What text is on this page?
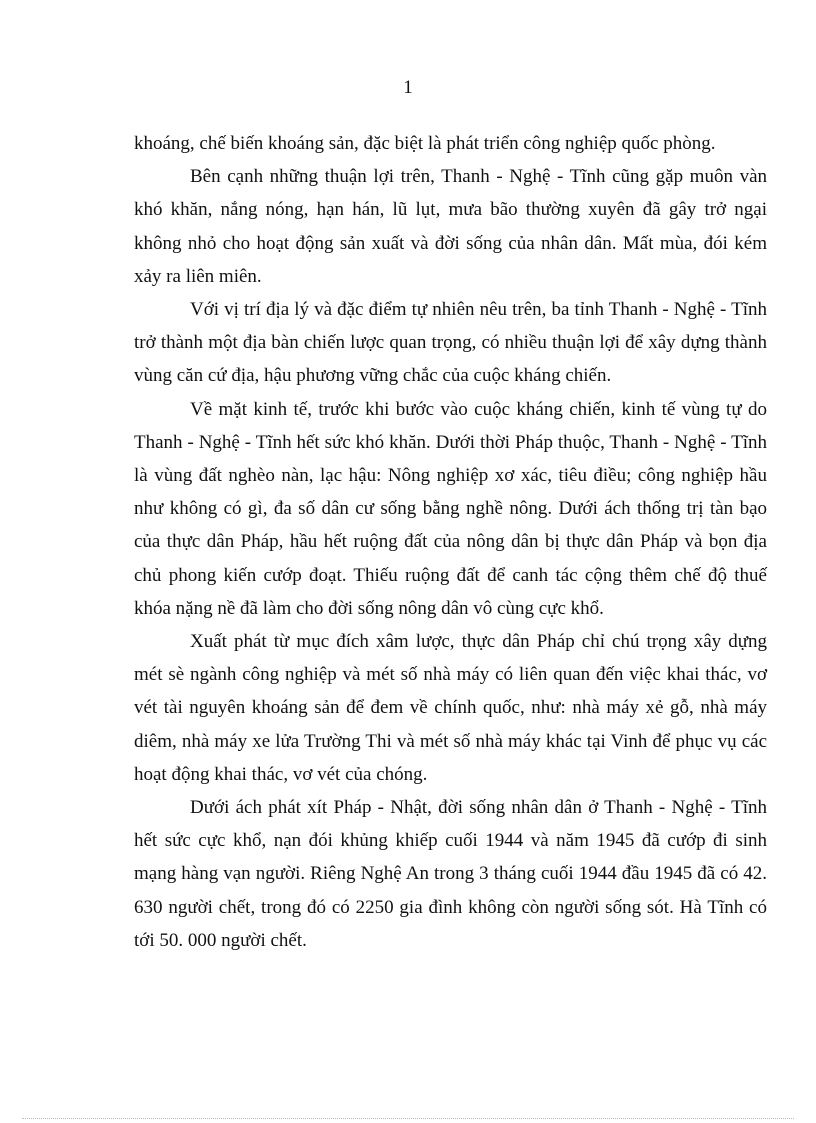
1

khoáng, chế biến khoáng sản, đặc biệt là phát triển công nghiệp quốc phòng.

Bên cạnh những thuận lợi trên, Thanh - Nghệ - Tĩnh cũng gặp muôn vàn khó khăn, nắng nóng, hạn hán, lũ lụt, mưa bão thường xuyên đã gây trở ngại không nhỏ cho hoạt động sản xuất và đời sống của nhân dân. Mất mùa, đói kém xảy ra liên miên.

Với vị trí địa lý và đặc điểm tự nhiên nêu trên, ba tỉnh Thanh - Nghệ - Tĩnh trở thành một địa bàn chiến lược quan trọng, có nhiều thuận lợi để xây dựng thành vùng căn cứ địa, hậu phương vững chắc của cuộc kháng chiến.

Về mặt kinh tế, trước khi bước vào cuộc kháng chiến, kinh tế vùng tự do Thanh - Nghệ - Tĩnh hết sức khó khăn. Dưới thời Pháp thuộc, Thanh - Nghệ - Tĩnh là vùng đất nghèo nàn, lạc hậu: Nông nghiệp xơ xác, tiêu điều; công nghiệp hầu như không có gì, đa số dân cư sống bằng nghề nông. Dưới ách thống trị tàn bạo của thực dân Pháp, hầu hết ruộng đất của nông dân bị thực dân Pháp và bọn địa chủ phong kiến cướp đoạt. Thiếu ruộng đất để canh tác cộng thêm chế độ thuế khóa nặng nề đã làm cho đời sống nông dân vô cùng cực khổ.

Xuất phát từ mục đích xâm lược, thực dân Pháp chỉ chú trọng xây dựng mét sè ngành công nghiệp và mét số nhà máy có liên quan đến việc khai thác, vơ vét tài nguyên khoáng sản để đem về chính quốc, như: nhà máy xẻ gỗ, nhà máy diêm, nhà máy xe lửa Trường Thi và mét số nhà máy khác tại Vinh để phục vụ các hoạt động khai thác, vơ vét của chóng.

Dưới ách phát xít Pháp - Nhật, đời sống nhân dân ở Thanh - Nghệ - Tĩnh hết sức cực khổ, nạn đói khủng khiếp cuối 1944 và năm 1945 đã cướp đi sinh mạng hàng vạn người. Riêng Nghệ An trong 3 tháng cuối 1944 đầu 1945 đã có 42. 630 người chết, trong đó có 2250 gia đình không còn người sống sót. Hà Tĩnh có tới 50. 000 người chết.
